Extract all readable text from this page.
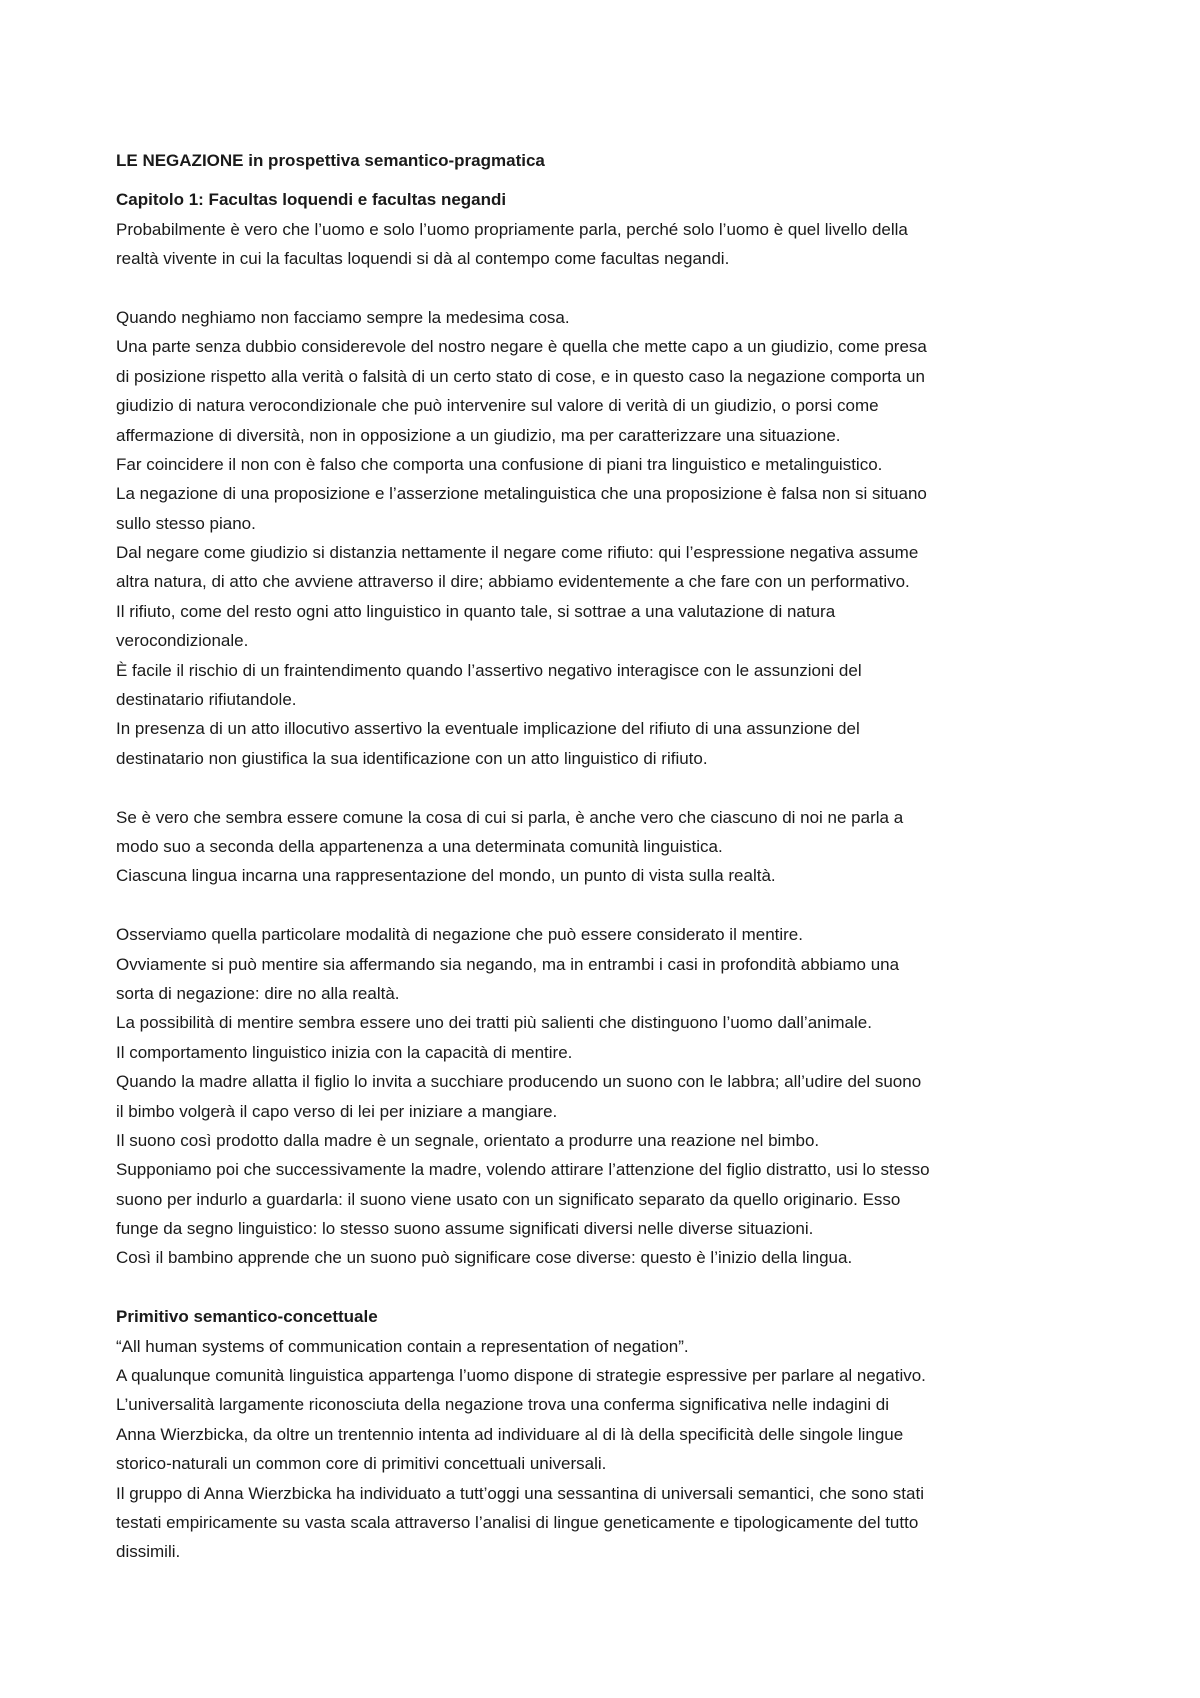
LE NEGAZIONE in prospettiva semantico-pragmatica
Capitolo 1: Facultas loquendi e facultas negandi
Probabilmente è vero che l’uomo e solo l’uomo propriamente parla, perché solo l’uomo è quel livello della
realtà vivente in cui la facultas loquendi si dà al contempo come facultas negandi.
Quando neghiamo non facciamo sempre la medesima cosa.
Una parte senza dubbio considerevole del nostro negare è quella che mette capo a un giudizio, come presa
di posizione rispetto alla verità o falsità di un certo stato di cose, e in questo caso la negazione comporta un
giudizio di natura verocondizionale che può intervenire sul valore di verità di un giudizio, o porsi come
affermazione di diversità, non in opposizione a un giudizio, ma per caratterizzare una situazione.
Far coincidere il non con è falso che comporta una confusione di piani tra linguistico e metalinguistico.
La negazione di una proposizione e l’asserzione metalinguistica che una proposizione è falsa non si situano
sullo stesso piano.
Dal negare come giudizio si distanzia nettamente il negare come rifiuto: qui l’espressione negativa assume
altra natura, di atto che avviene attraverso il dire; abbiamo evidentemente a che fare con un performativo.
Il rifiuto, come del resto ogni atto linguistico in quanto tale, si sottrae a una valutazione di natura
verocondizionale.
È facile il rischio di un fraintendimento quando l’assertivo negativo interagisce con le assunzioni del
destinatario rifiutandole.
In presenza di un atto illocutivo assertivo la eventuale implicazione del rifiuto di una assunzione del
destinatario non giustifica la sua identificazione con un atto linguistico di rifiuto.
Se è vero che sembra essere comune la cosa di cui si parla, è anche vero che ciascuno di noi ne parla a
modo suo a seconda della appartenenza a una determinata comunità linguistica.
Ciascuna lingua incarna una rappresentazione del mondo, un punto di vista sulla realtà.
Osserviamo quella particolare modalità di negazione che può essere considerato il mentire.
Ovviamente si può mentire sia affermando sia negando, ma in entrambi i casi in profondità abbiamo una
sorta di negazione: dire no alla realtà.
La possibilità di mentire sembra essere uno dei tratti più salienti che distinguono l’uomo dall’animale.
Il comportamento linguistico inizia con la capacità di mentire.
Quando la madre allatta il figlio lo invita a succhiare producendo un suono con le labbra; all’udire del suono
il bimbo volgerà il capo verso di lei per iniziare a mangiare.
Il suono così prodotto dalla madre è un segnale, orientato a produrre una reazione nel bimbo.
Supponiamo poi che successivamente la madre, volendo attirare l’attenzione del figlio distratto, usi lo stesso
suono per indurlo a guardarla: il suono viene usato con un significato separato da quello originario. Esso
funge da segno linguistico: lo stesso suono assume significati diversi nelle diverse situazioni.
Così il bambino apprende che un suono può significare cose diverse: questo è l’inizio della lingua.
Primitivo semantico-concettuale
“All human systems of communication contain a representation of negation”.
A qualunque comunità linguistica appartenga l’uomo dispone di strategie espressive per parlare al negativo.
L’universalità largamente riconosciuta della negazione trova una conferma significativa nelle indagini di
Anna Wierzbicka, da oltre un trentennio intenta ad individuare al di là della specificità delle singole lingue
storico-naturali un common core di primitivi concettuali universali.
Il gruppo di Anna Wierzbicka ha individuato a tutt’oggi una sessantina di universali semantici, che sono stati
testati empiricamente su vasta scala attraverso l’analisi di lingue geneticamente e tipologicamente del tutto
dissimili.
